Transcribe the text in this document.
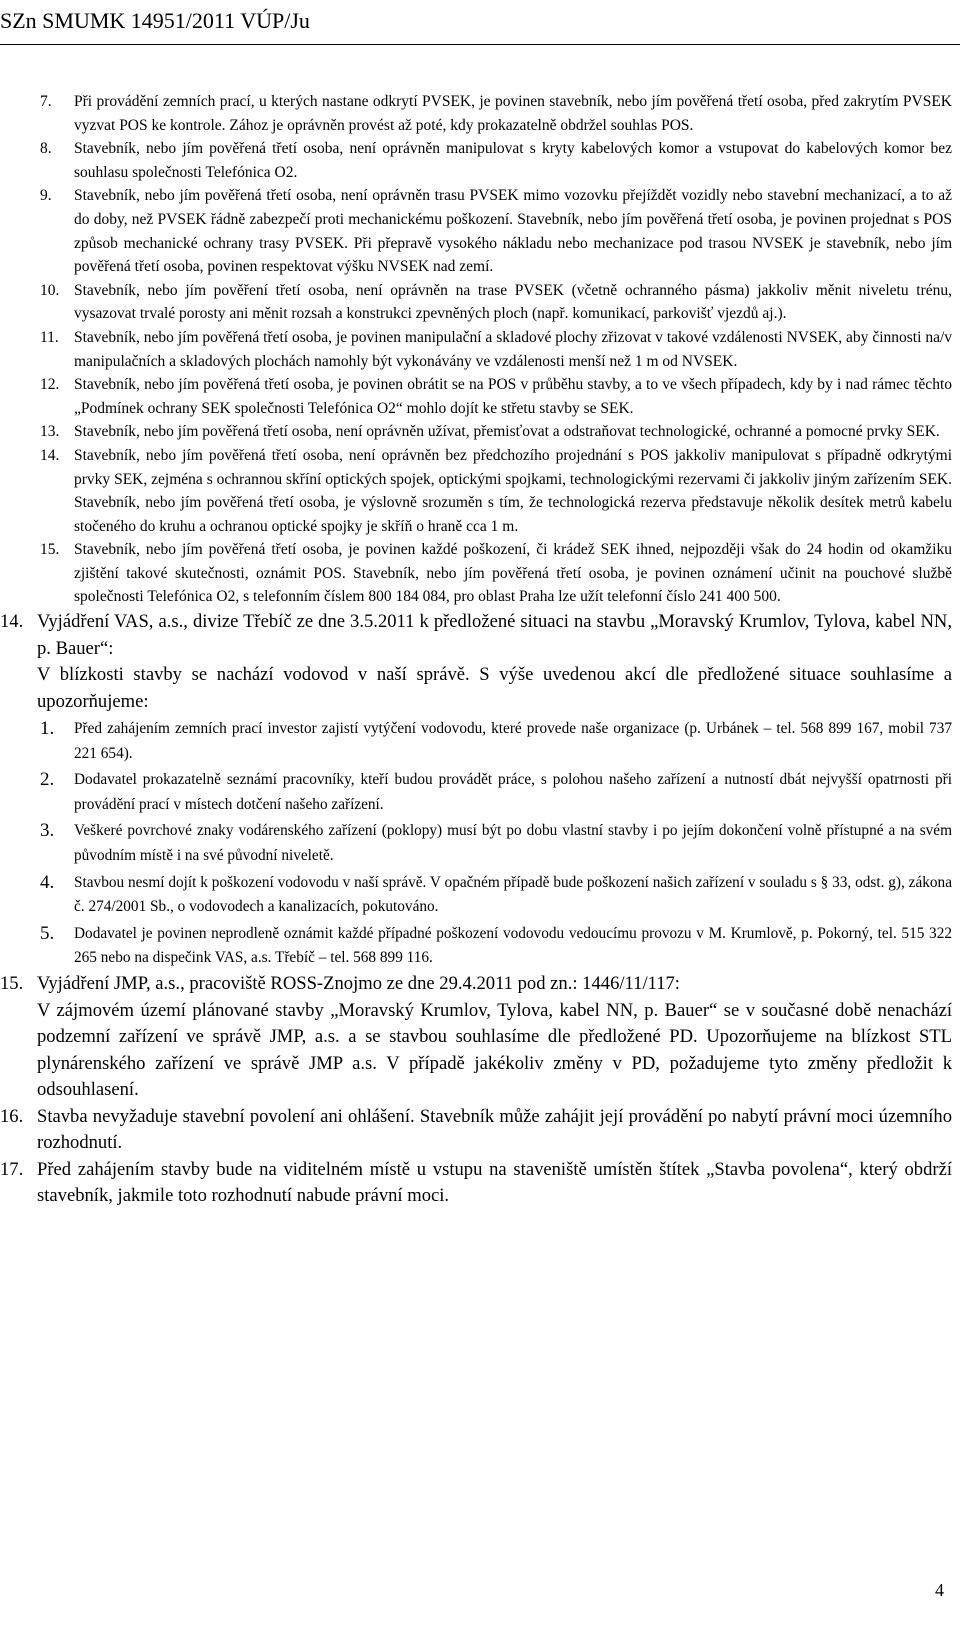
SZn SMUMK 14951/2011 VÚP/Ju
7. Při provádění zemních prací, u kterých nastane odkrytí PVSEK, je povinen stavebník, nebo jím pověřená třetí osoba, před zakrytím PVSEK vyzvat POS ke kontrole. Zához je oprávněn provést až poté, kdy prokazatelně obdržel souhlas POS.
8. Stavebník, nebo jím pověřená třetí osoba, není oprávněn manipulovat s kryty kabelových komor a vstupovat do kabelových komor bez souhlasu společnosti Telefónica O2.
9. Stavebník, nebo jím pověřená třetí osoba, není oprávněn trasu PVSEK mimo vozovku přejíždět vozidly nebo stavební mechanizací, a to až do doby, než PVSEK řádně zabezpečí proti mechanickému poškození. Stavebník, nebo jím pověřená třetí osoba, je povinen projednat s POS způsob mechanické ochrany trasy PVSEK. Při přepravě vysokého nákladu nebo mechanizace pod trasou NVSEK je stavebník, nebo jím pověřená třetí osoba, povinen respektovat výšku NVSEK nad zemí.
10. Stavebník, nebo jím pověření třetí osoba, není oprávněn na trase PVSEK (včetně ochranného pásma) jakkoliv měnit niveletu trénu, vysazovat trvalé porosty ani měnit rozsah a konstrukci zpevněných ploch (např. komunikací, parkovišť vjezdů aj.).
11. Stavebník, nebo jím pověřená třetí osoba, je povinen manipulační a skladové plochy zřizovat v takové vzdálenosti NVSEK, aby činnosti na/v manipulačních a skladových plochách namohly být vykonávány ve vzdálenosti menší než 1 m od NVSEK.
12. Stavebník, nebo jím pověřená třetí osoba, je povinen obrátit se na POS v průběhu stavby, a to ve všech případech, kdy by i nad rámec těchto „Podmínek ochrany SEK společnosti Telefónica O2“ mohlo dojít ke střetu stavby se SEK.
13. Stavebník, nebo jím pověřená třetí osoba, není oprávněn užívat, přemisťovat a odstraňovat technologické, ochranné a pomocné prvky SEK.
14. Stavebník, nebo jím pověřená třetí osoba, není oprávněn bez předchozího projednání s POS jakkoliv manipulovat s případně odkrytými prvky SEK, zejména s ochrannou skříní optických spojek, optickými spojkami, technologickými rezervami či jakkoliv jiným zařízením SEK. Stavebník, nebo jím pověřená třetí osoba, je výslovně srozuměn s tím, že technologická rezerva představuje několik desítek metrů kabelu stočeného do kruhu a ochranou optické spojky je skříň o hraně cca 1 m.
15. Stavebník, nebo jím pověřená třetí osoba, je povinen každé poškození, či krádež SEK ihned, nejpozději však do 24 hodin od okamžiku zjištění takové skutečnosti, oznámit POS. Stavebník, nebo jím pověřená třetí osoba, je povinen oznámení učinit na pouchové službě společnosti Telefónica O2, s telefonním číslem 800 184 084, pro oblast Praha lze užít telefonní číslo 241 400 500.
14. Vyjádření VAS, a.s., divize Třebíč ze dne 3.5.2011 k předložené situaci na stavbu „Moravský Krumlov, Tylova, kabel NN, p. Bauer“:

V blízkosti stavby se nachází vodovod v naší správě. S výše uvedenou akcí dle předložené situace souhlasíme a upozorňujeme:

1. Před zahájením zemních prací investor zajistí vytýčení vodovodu, které provede naše organizace (p. Urbánek – tel. 568 899 167, mobil 737 221 654).
2. Dodavatel prokazatelně seznámí pracovníky, kteří budou provádět práce, s polohou našeho zařízení a nutností dbát nejvyšší opatrnosti při provádění prací v místech dotčení našeho zařízení.
3. Veškeré povrchové znaky vodárenského zařízení (poklopy) musí být po dobu vlastní stavby i po jejím dokončení volně přístupné a na svém původním místě i na své původní niveletě.
4. Stavbou nesmí dojít k poškození vodovodu v naší správě. V opačném případě bude poškození našich zařízení v souladu s § 33, odst. g), zákona č. 274/2001 Sb., o vodovodech a kanalizacích, pokutováno.
5. Dodavatel je povinen neprodleně oznámit každé případné poškození vodovodu vedoucímu provozu v M. Krumlově, p. Pokorný, tel. 515 322 265 nebo na dispečink VAS, a.s. Třebíč – tel. 568 899 116.
15. Vyjádření JMP, a.s., pracoviště ROSS-Znojmo ze dne 29.4.2011 pod zn.: 1446/11/117:

V zájmovém území plánované stavby „Moravský Krumlov, Tylova, kabel NN, p. Bauer“ se v současné době nenachází podzemní zařízení ve správě JMP, a.s. a se stavbou souhlasíme dle předložené PD. Upozorňujeme na blízkost STL plynárenského zařízení ve správě JMP a.s. V případě jakékoliv změny v PD, požadujeme tyto změny předložit k odsouhlasení.

16. Stavba nevyžaduje stavební povolení ani ohlášení. Stavebník může zahájit její provádění po nabytí právní moci územního rozhodnutí.

17. Před zahájením stavby bude na viditelném místě u vstupu na staveniště umístěn štítek „Stavba povolena“, který obdrží stavebník, jakmile toto rozhodnutí nabude právní moci.

4
